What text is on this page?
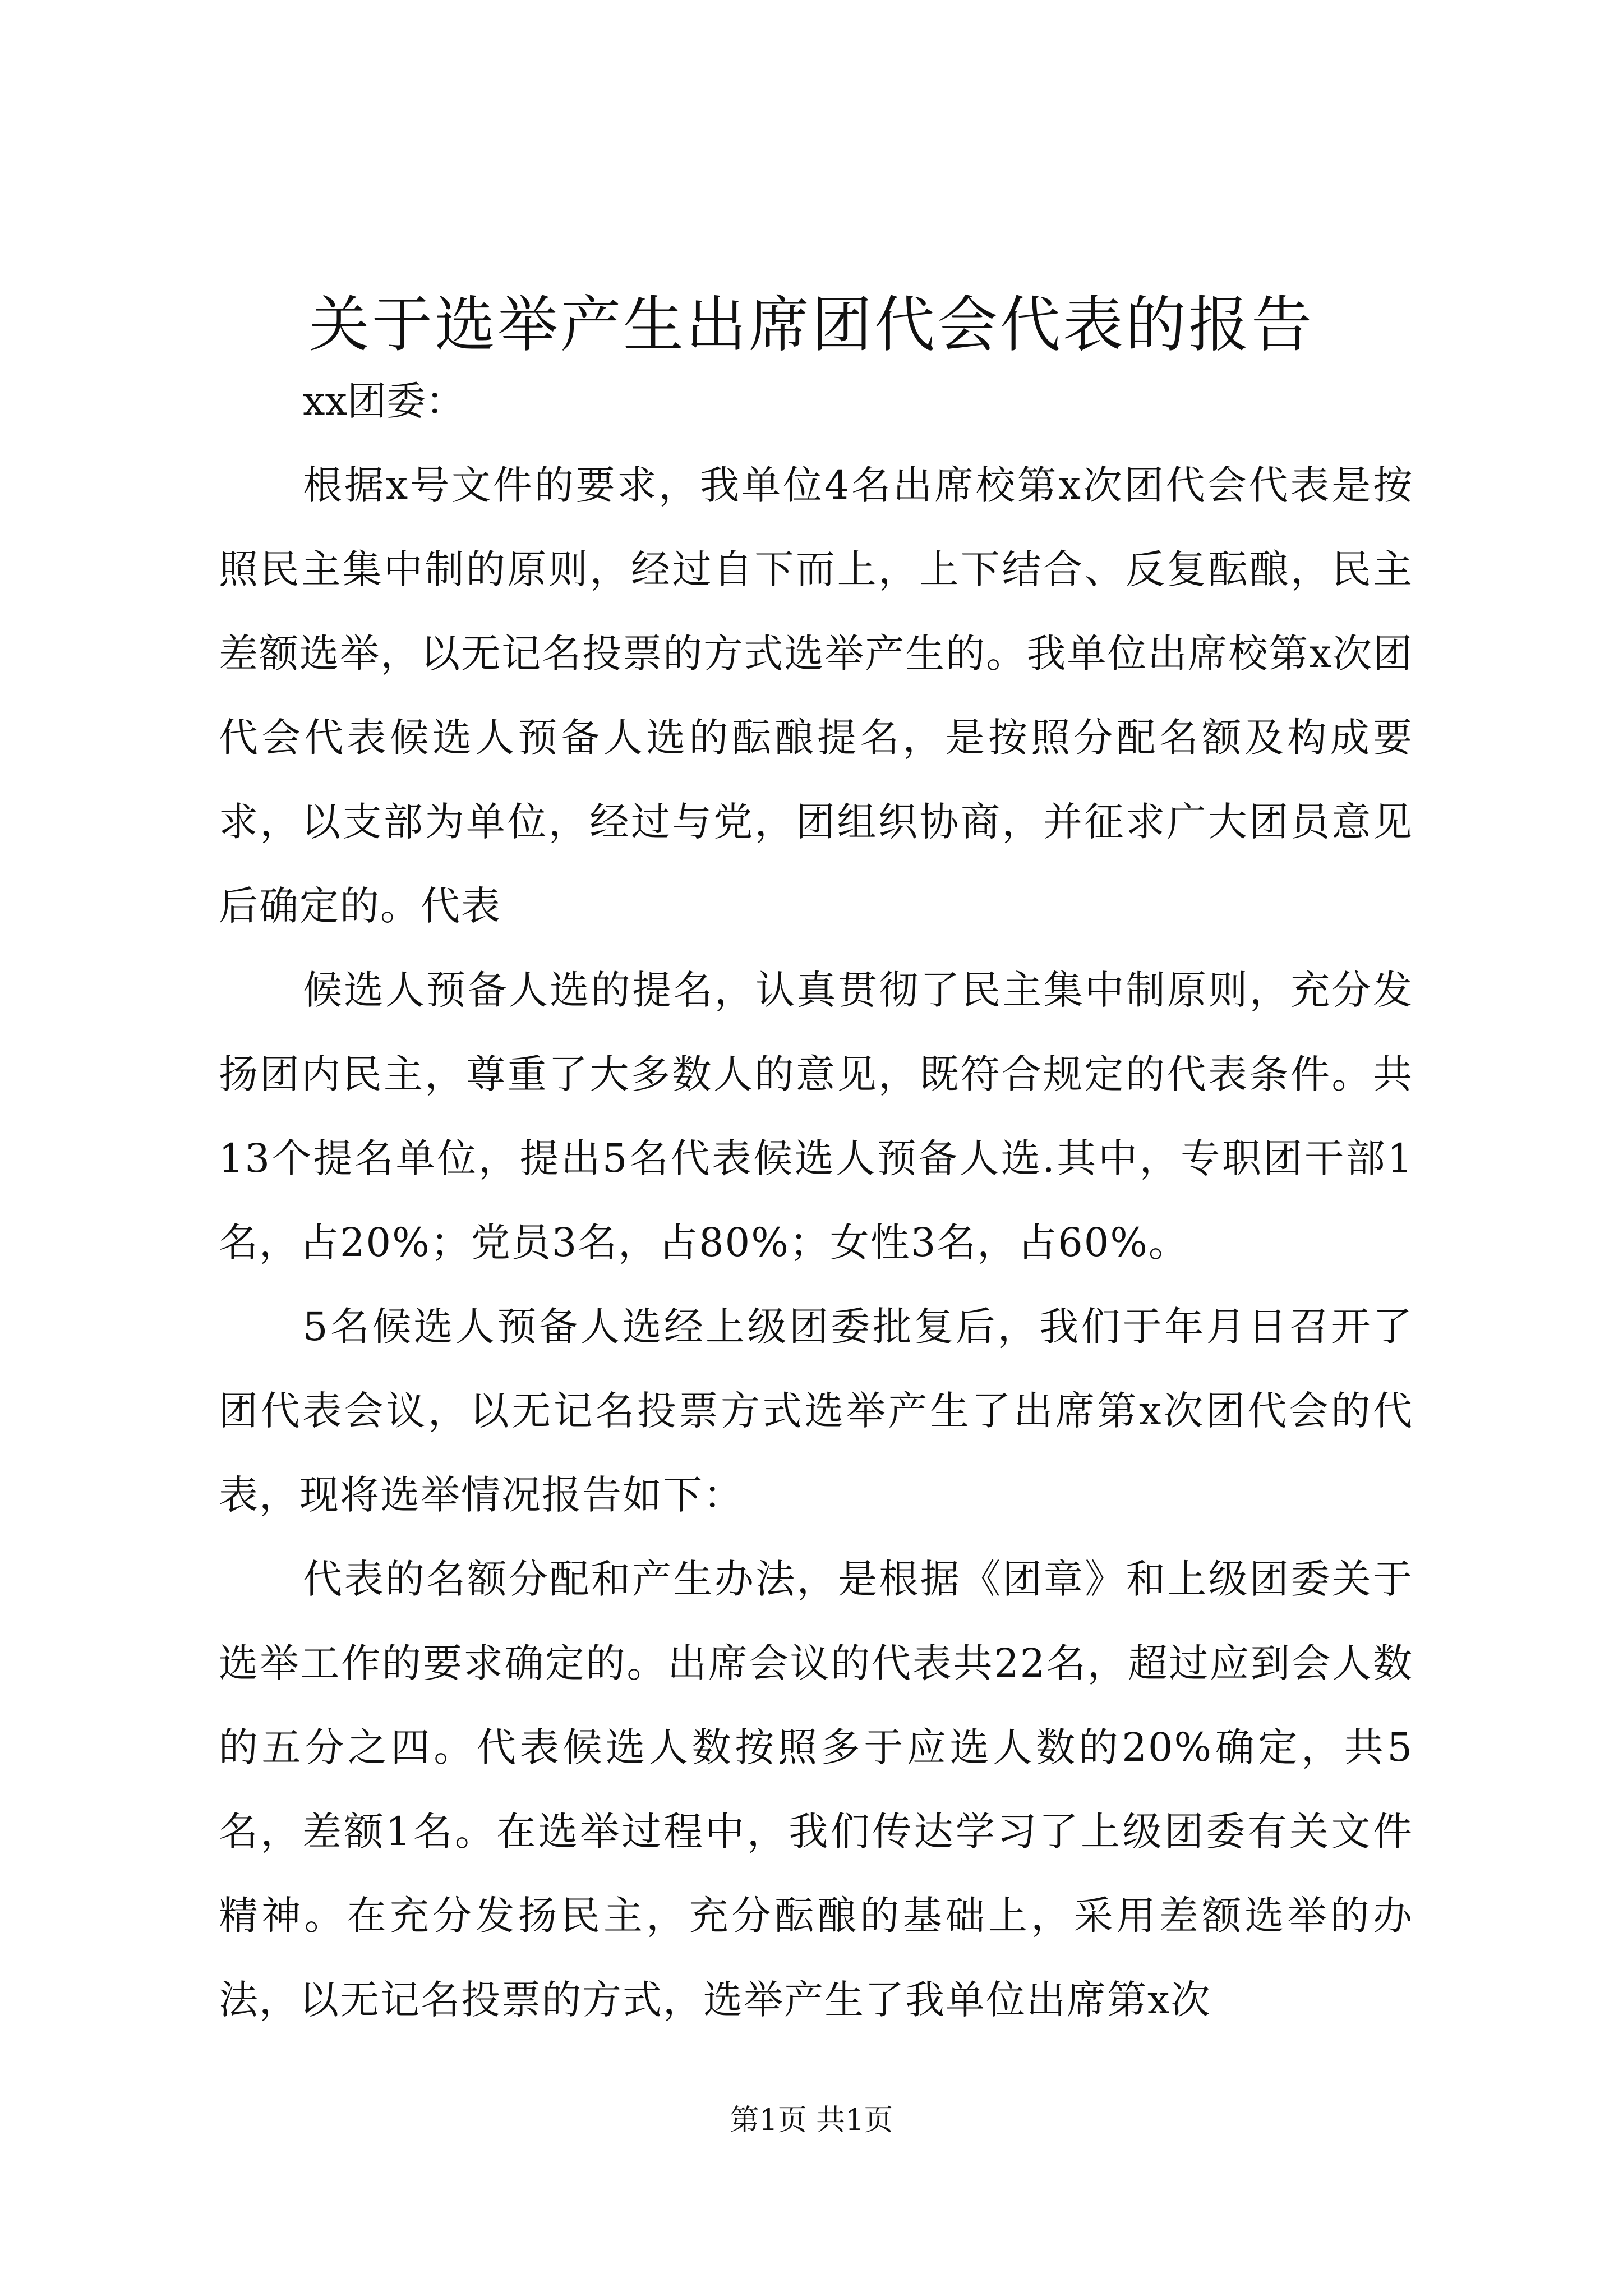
关于选举产生出席团代会代表的报告

xx团委：

根据x号文件的要求，我单位4名出席校第x次团代会代表是按照民主集中制的原则，经过自下而上，上下结合、反复酝酿，民主差额选举，以无记名投票的方式选举产生的。我单位出席校第x次团代会代表候选人预备人选的酝酿提名，是按照分配名额及构成要求，以支部为单位，经过与党，团组织协商，并征求广大团员意见后确定的。代表

候选人预备人选的提名，认真贯彻了民主集中制原则，充分发扬团内民主，尊重了大多数人的意见，既符合规定的代表条件。共13个提名单位，提出5名代表候选人预备人选.其中，专职团干部1名，占20%；党员3名，占80%；女性3名，占60%。

5名候选人预备人选经上级团委批复后，我们于年月日召开了团代表会议，以无记名投票方式选举产生了出席第x次团代会的代表，现将选举情况报告如下：

代表的名额分配和产生办法，是根据《团章》和上级团委关于选举工作的要求确定的。出席会议的代表共22名，超过应到会人数的五分之四。代表候选人数按照多于应选人数的20%确定，共5名，差额1名。在选举过程中，我们传达学习了上级团委有关文件精神。在充分发扬民主，充分酝酿的基础上，采用差额选举的办法，以无记名投票的方式，选举产生了我单位出席第x次

第1页 共1页
